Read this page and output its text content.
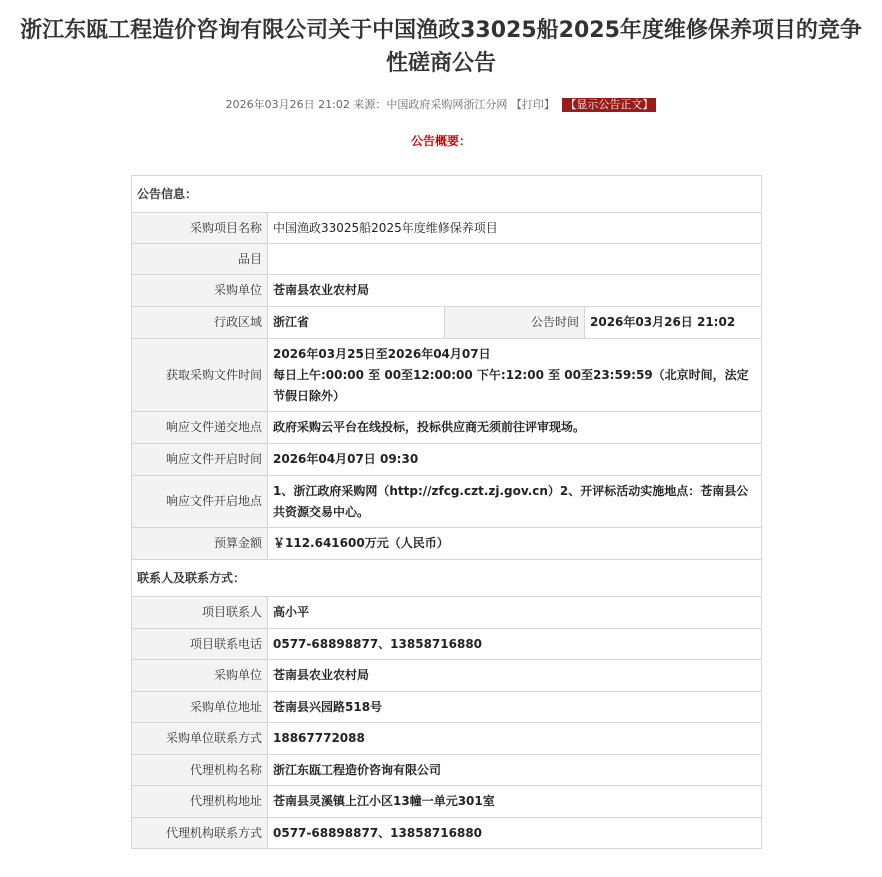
浙江东瓯工程造价咨询有限公司关于中国渔政33025船2025年度维修保养项目的竞争性磋商公告
2026年03月26日 21:02 来源：中国政府采购网浙江分网 【打印】 【显示公告正文】
公告概要：
公告信息：			
采购项目名称	中国渔政33025船2025年度维修保养项目		
品目			
采购单位	苍南县农业农村局		
行政区域	浙江省	公告时间	2026年03月26日 21:02
获取采购文件时间	2026年03月25日至2026年04月07日
每日上午:00:00 至 00至12:00:00 下午:12:00 至 00至23:59:59（北京时间，法定节假日除外）		

响应文件递交地点	政府采购云平台在线投标，投标供应商无须前往评审现场。		
响应文件开启时间	2026年04月07日 09:30		
响应文件开启地点	1、浙江政府采购网（http://zfcg.czt.zj.gov.cn）2、开评标活动实施地点：苍南县公共资源交易中心。		
预算金额	￥112.641600万元（人民币）		
联系人及联系方式：			
项目联系人	高小平		
项目联系电话	0577-68898877、13858716880		
采购单位	苍南县农业农村局		
采购单位地址	苍南县兴园路518号		
采购单位联系方式	18867772088		
代理机构名称	浙江东瓯工程造价咨询有限公司		
代理机构地址	苍南县灵溪镇上江小区13幢一单元301室		
代理机构联系方式	0577-68898877、13858716880		
